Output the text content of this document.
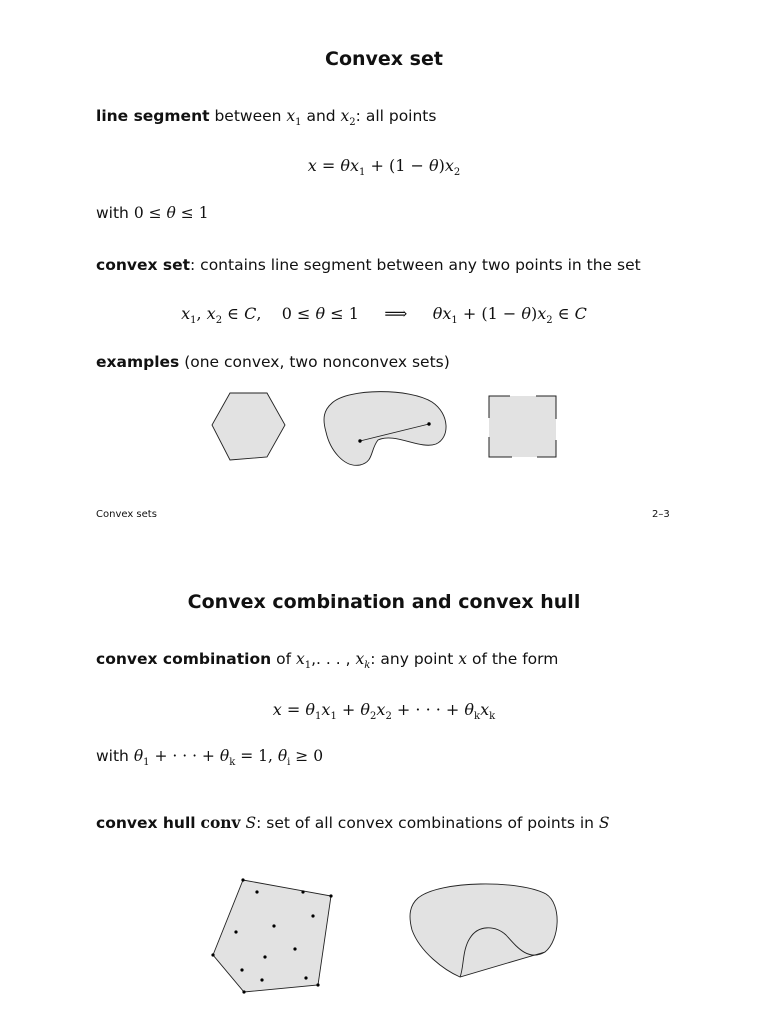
Convex set
line segment between $x_1$ and $x_2$: all points
$x = \theta x_1 + (1 - \theta)x_2$
with 0 ≤ θ ≤ 1
convex set: contains line segment between any two points in the set
$x_1$, $x_2$ ∈ C,    0 ≤ θ ≤ 1     ⟹     $\theta x_1 + (1 - \theta)x_2$ ∈ C
examples (one convex, two nonconvex sets)
Convex sets	2–3
Convex combination and convex hull
convex combination of $x_1$,. . . , $x_k$: any point x of the form
$x = \theta_1x_1 + \theta_2x_2$ + · · · + $\theta_kx_k$
with $\theta_1$ + · · · + $\theta_k = 1$, $\theta_i \ge 0$
convex hull conv S: set of all convex combinations of points in S
